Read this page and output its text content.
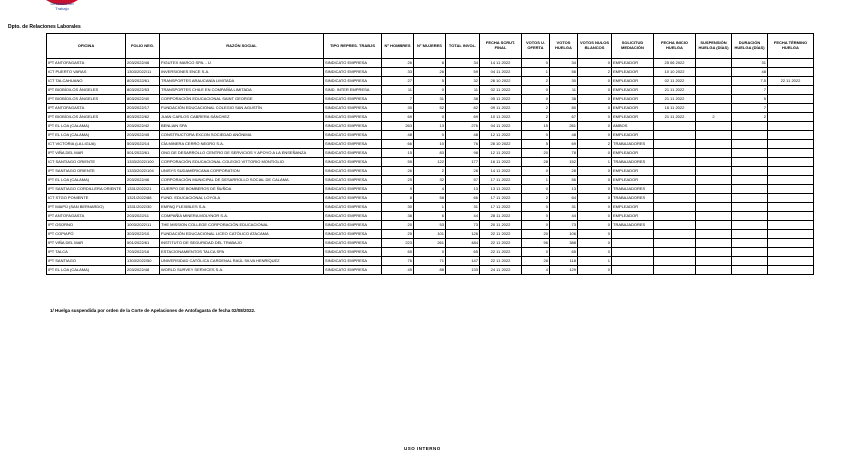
Dirección del
Trabajo
Dpto. de Relaciones Laborales
OFICINA	FOLIO NEG.	RAZÓN SOCIAL	TIPO REPRES. TRABJS	N° HOMBRES	N° MUJERES	TOTAL INVOL.	FECHA SCRUT. FINAL	VOTOS U. OFERTA	VOTOS HUELGA	VOTOS NULOS BLANCOS	SOLICITUD MEDIACIÓN	FECHA INICIO HUELGA	SUSPENSIÓN HUELGA (DÍAS)	DURACIÓN HUELGA (DÍAS)	FECHA TÉRMINO HUELGA
IPT ANTOFAGASTA	203/2022/46	FIGUTEX MARCO SPA. - U	SINDICATO EMPRESA	26	8	34	14 11 2022	0	34	0	EMPLEADOR	25 06 2022		31	
ICT PUERTO VARAS	1303/2022/11	INVERSIONES ENCE S.A.	SINDICATO EMPRESA	33	26	59	04 11 2022	1	56	2	EMPLEADOR	10 10 2022		48	
ICT TALCAHUANO	803/2022/61	TRANSPORTES ARAUCANÍA LIMITADA	SINDICATO EMPRESA	27	5	32	28 10 2022	2	30	0	EMPLEADOR	02 11 2022		7,5	22 11 2022
IPT BIOBÍO/LOS ÁNGELES	803/2022/53	TRANSPORTES CHILE EN COMPAÑÍA LIMITADA	SIND. INTER EMPRESA	11	0	11	02 11 2022	0	11	0	EMPLEADOR	21 11 2022		7	
IPT BIOBÍO/LOS ÁNGELES	803/2022/40	CORPORACIÓN EDUCACIONAL SAINT GEORGE	SINDICATO EMPRESA	7	31	38	05 11 2022	0	38	0	EMPLEADOR	21 11 2022		5	
IPT ANTOFAGASTA	203/2022/17	FUNDACIÓN EDUCACIONAL COLEGIO SAN AGUSTÍN	SINDICATO EMPRESA	30	52	82	09 11 2022	2	80	0	EMPLEADOR	16 11 2022		7	
IPT BIOBÍO/LOS ÁNGELES	803/2022/62	JUAN CARLOS CABRERA SÁNCHEZ	SINDICATO EMPRESA	69	0	69	10 11 2022	2	67	0	EMPLEADOR	21 11 2022	2	2	
IPT EL LOA (CALAMA)	203/2022/42	BENLIAN SPA	SINDICATO EMPRESA	263	13	276	04 11 2022	15	261	0	AMBOS				
IPT EL LOA (CALAMA)	203/2022/45	CONSTRUCTORA EXCON SOCIEDAD ANÓNIMA	SINDICATO EMPRESA	48	0	48	12 11 2022	0	48	0	EMPLEADOR				
ICT VICTORIA (LA LIGUA)	503/2022/14	CÍA MINERA CERRO NEGRO S.A.	SINDICATO EMPRESA	66	10	76	28 10 2022	5	69	2	TRABAJADORES				
IPT VIÑA DEL MAR	501/2022/61	ONG DE DESARROLLO CENTRO DE SERVICIOS Y APOYO A LA ENSEÑANZA	SINDICATO EMPRESA	15	83	98	12 11 2022	20	78	0	EMPLEADOR				
ICT SANTIAGO ORIENTE	1333/2022/100	CORPORACIÓN EDUCACIONAL COLEGIO VITTORIO MONTIGLIO	SINDICATO EMPRESA	55	122	177	16 11 2022	28	152	1	TRABAJADORES				
IPT SANTIAGO ORIENTE	1333/2022/104	UNISYS SUDAMERICANA CORPORATION	SINDICATO EMPRESA	26	2	28	14 11 2022	0	28	0	EMPLEADOR				
IPT EL LOA (CALAMA)	203/2022/46	CORPORACIÓN MUNICIPAL DE DESARROLLO SOCIAL DE CALAMA	SINDICATO EMPRESA	25	32	57	17 11 2022	1	56	0	EMPLEADOR				
IPT SANTIAGO CORDILLERA ORIENTE	1331/2022/21	CUERPO DE BOMBEROS DE ÑUÑOA	SINDICATO EMPRESA	9	4	13	13 11 2022	0	13	0	TRABAJADORES				
ICT STGO PONIENTE	1321/2022/88	FUND. EDUCACIONAL LOYOLA	SINDICATO EMPRESA	8	58	66	17 11 2022	2	64	0	TRABAJADORES				
IPT MAIPÚ (SAN BERNARDO)	1331/2022/30	EMPAQ FLEXIBLES S.A.	SINDICATO EMPRESA	30	1	31	17 11 2022	0	31	0	EMPLEADOR				
IPT ANTOFAGASTA	203/2022/11	COMPAÑÍA MINERA MOLYNOR S.A.	SINDICATO EMPRESA	38	6	44	28 11 2022	0	44	0	EMPLEADOR				
IPT OSORNO	1003/2022/11	THE MISSION COLLEGE CORPORACIÓN EDUCACIONAL	SINDICATO EMPRESA	20	53	73	20 11 2022	0	73	0	TRABAJADORES				
IPT COPIAPÓ	303/2022/10	FUNDACIÓN EDUCACIONAL LICEO CATÓLICO ATACAMA	SINDICATO EMPRESA	25	101	126	22 11 2022	20	106	0					
IPT VIÑA DEL MAR	501/2022/61	INSTITUTO DE SEGURIDAD DEL TRABAJO	SINDICATO EMPRESA	223	261	484	22 11 2022	96	388	0					
IPT TALCA	703/2022/16	ESTACIONAMIENTOS TALCA SPA	SINDICATO EMPRESA	65	0	65	22 11 2022	0	65	0					
IPT SANTIAGO	1303/2022/50	UNIVERSIDAD CATÓLICA CARDENAL RAÚL SILVA HENRÍQUEZ	SINDICATO EMPRESA	76	71	147	22 11 2022	28	118	1					
IPT EL LOA (CALAMA)	203/2022/48	WORLD SURVEY SERVICES S.A.	SINDICATO EMPRESA	45	88	133	24 11 2022	4	129	0					
1/ Huelga suspendida por orden de la Corte de Apelaciones de Antofagasta de fecha 02/08/2022.
USO INTERNO
